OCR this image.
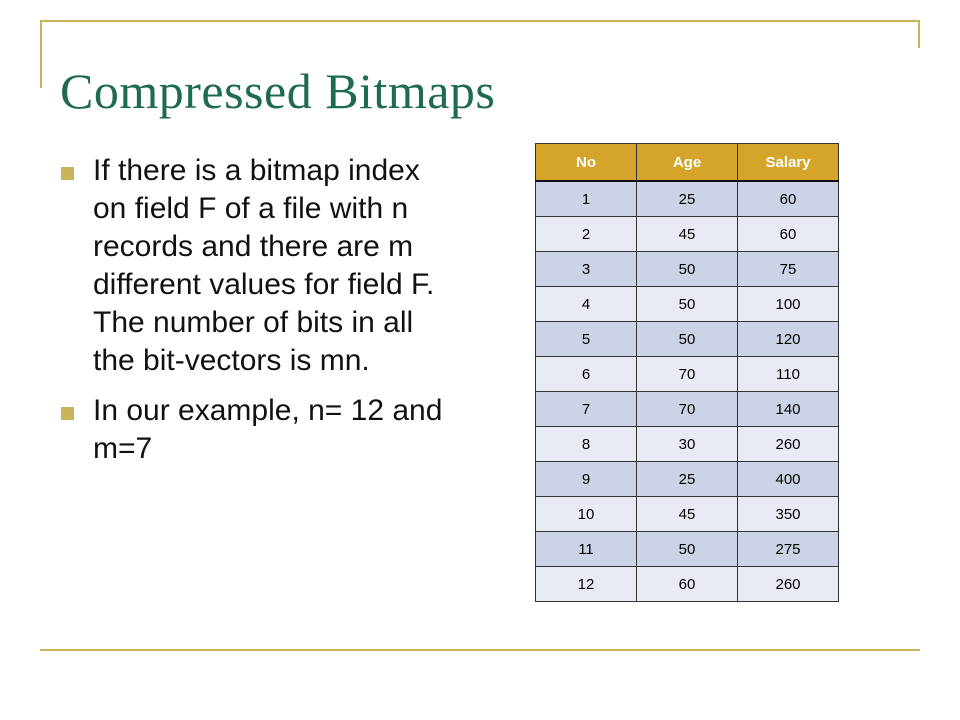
Compressed Bitmaps
If there is a bitmap index on field F of a file with n records and there are m different values for field F. The number of bits in all the bit-vectors is mn.
In our example, n= 12 and m=7
No	Age	Salary
1	25	60
2	45	60
3	50	75
4	50	100
5	50	120
6	70	110
7	70	140
8	30	260
9	25	400
10	45	350
11	50	275
12	60	260
